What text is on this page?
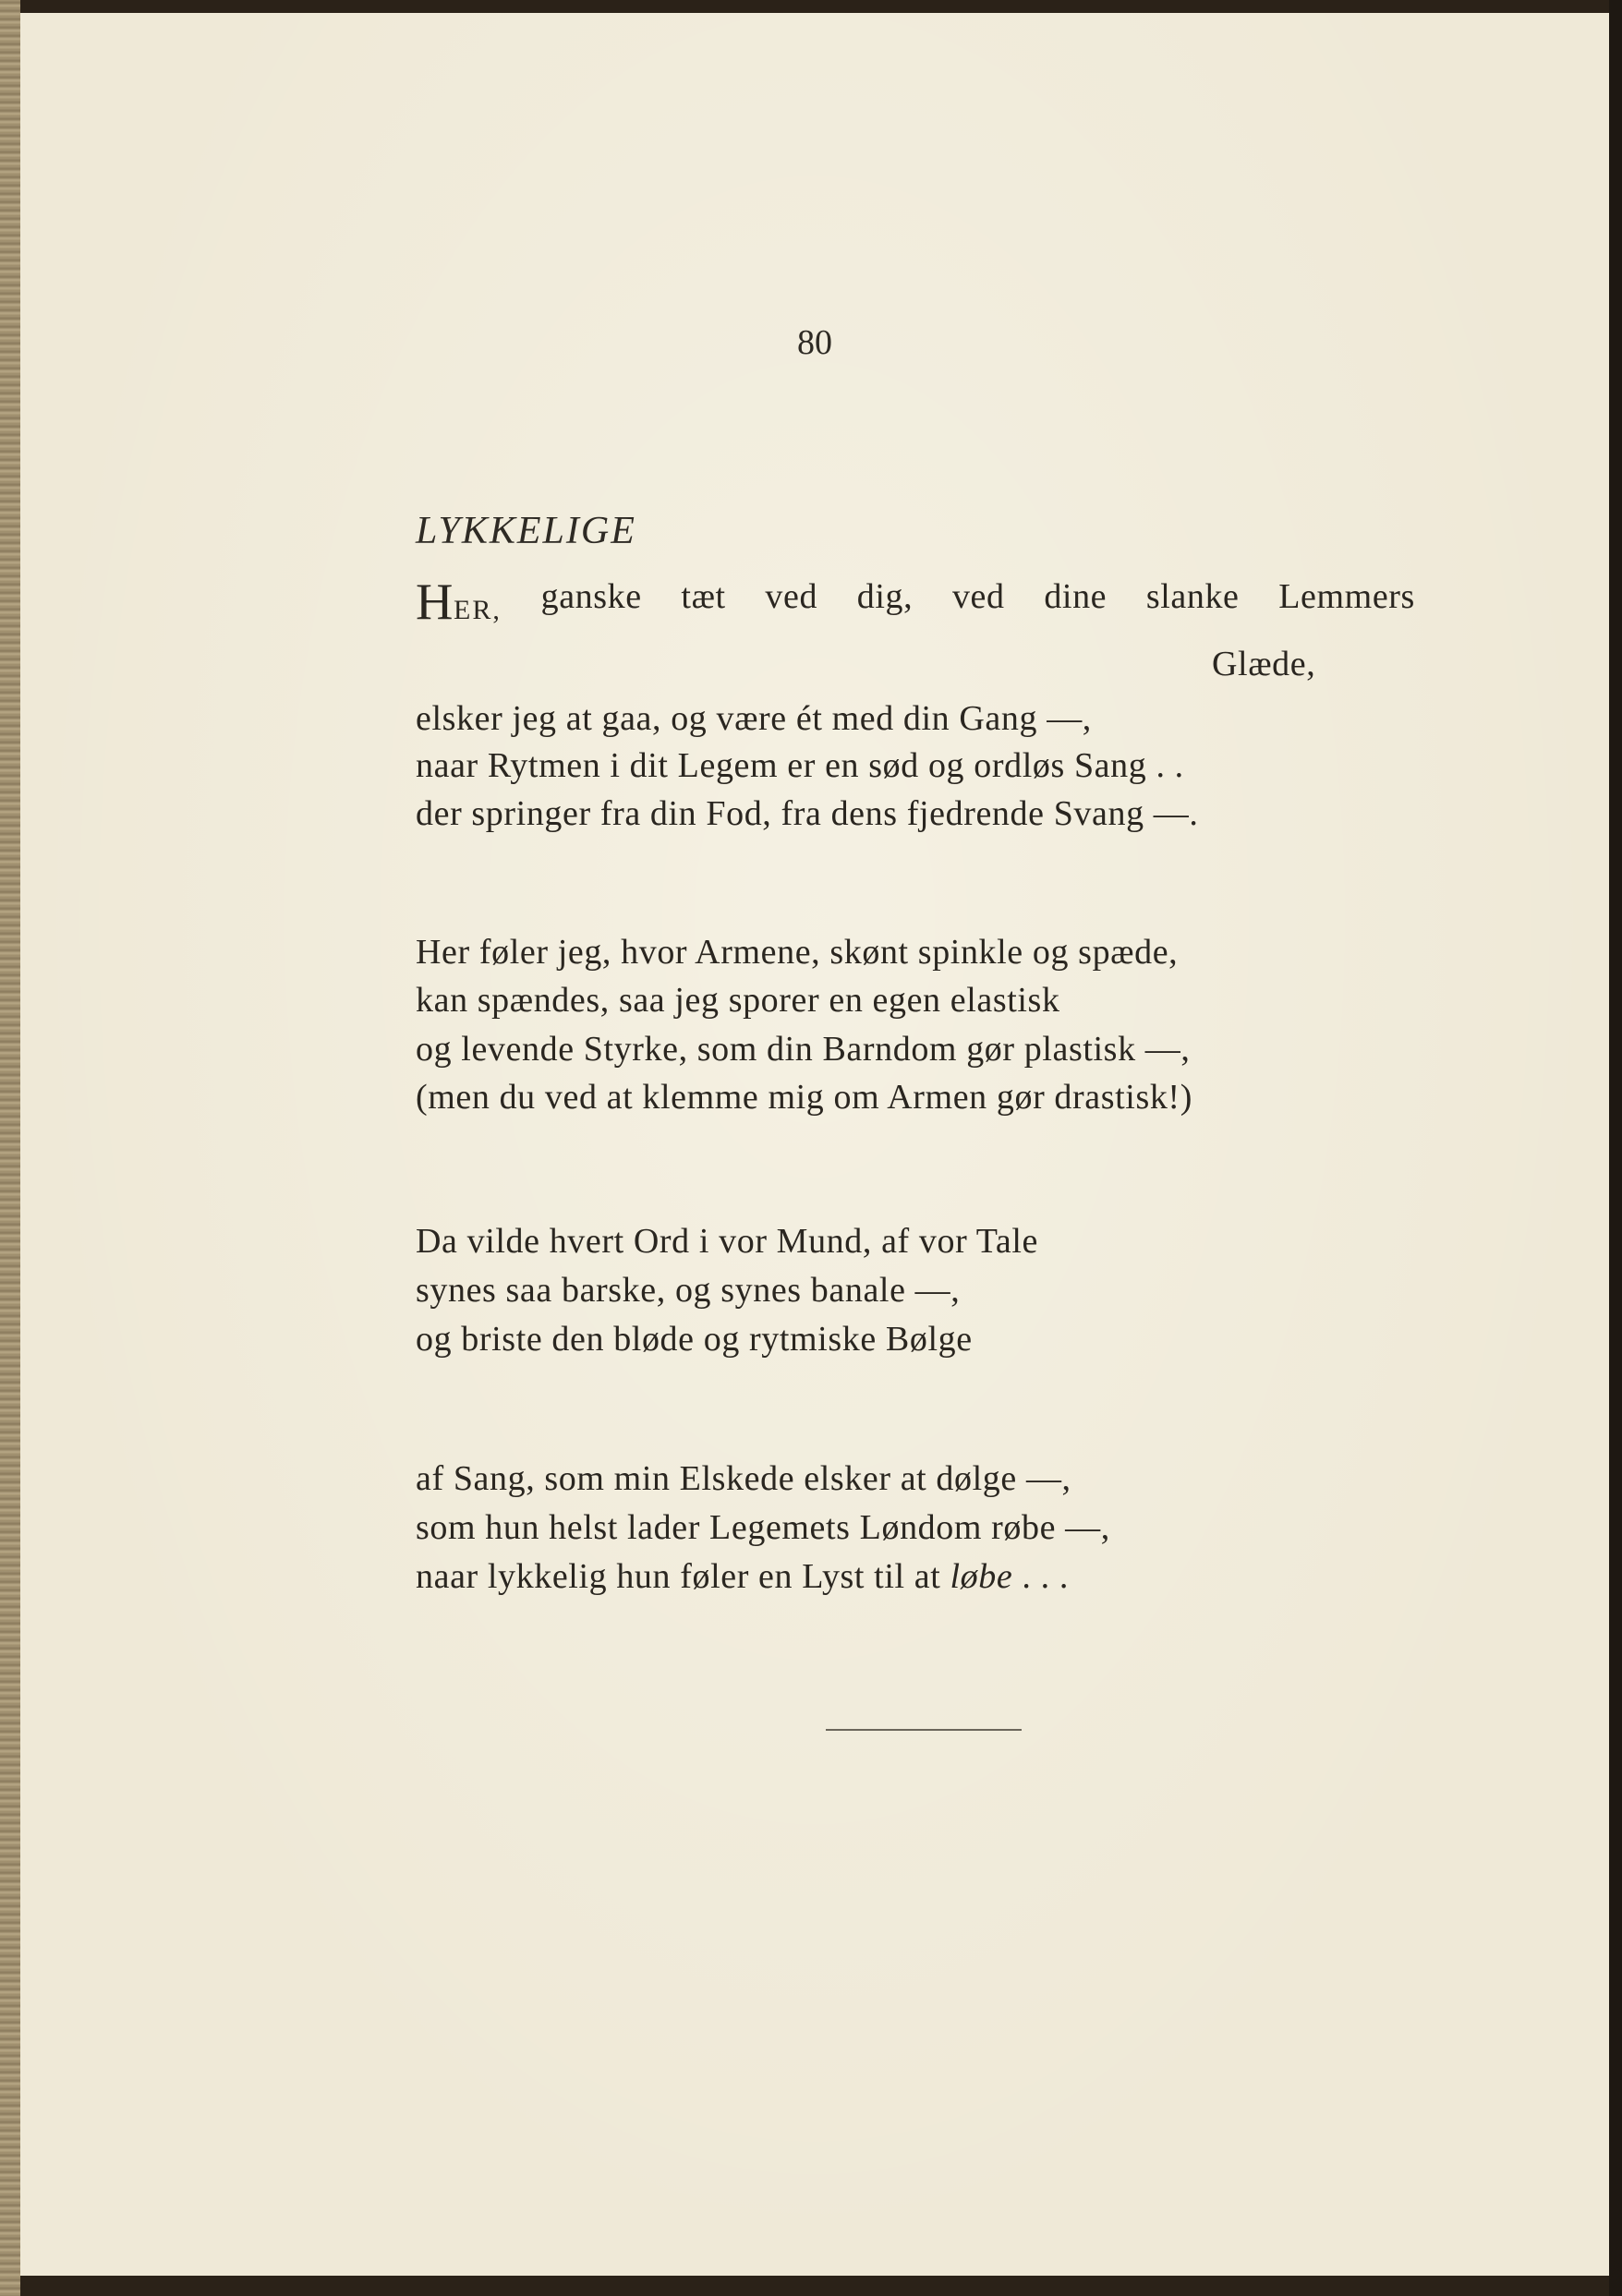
80
LYKKELIGE
HER, ganske tæt ved dig, ved dine slanke Lemmers
Glæde,
elsker jeg at gaa, og være ét med din Gang —,
naar Rytmen i dit Legem er en sød og ordløs Sang . .
der springer fra din Fod, fra dens fjedrende Svang —.
Her føler jeg, hvor Armene, skønt spinkle og spæde,
kan spændes, saa jeg sporer en egen elastisk
og levende Styrke, som din Barndom gør plastisk —,
(men du ved at klemme mig om Armen gør drastisk!)
Da vilde hvert Ord i vor Mund, af vor Tale
synes saa barske, og synes banale —,
og briste den bløde og rytmiske Bølge
af Sang, som min Elskede elsker at dølge —,
som hun helst lader Legemets Løndom røbe —,
naar lykkelig hun føler en Lyst til at løbe . . .
